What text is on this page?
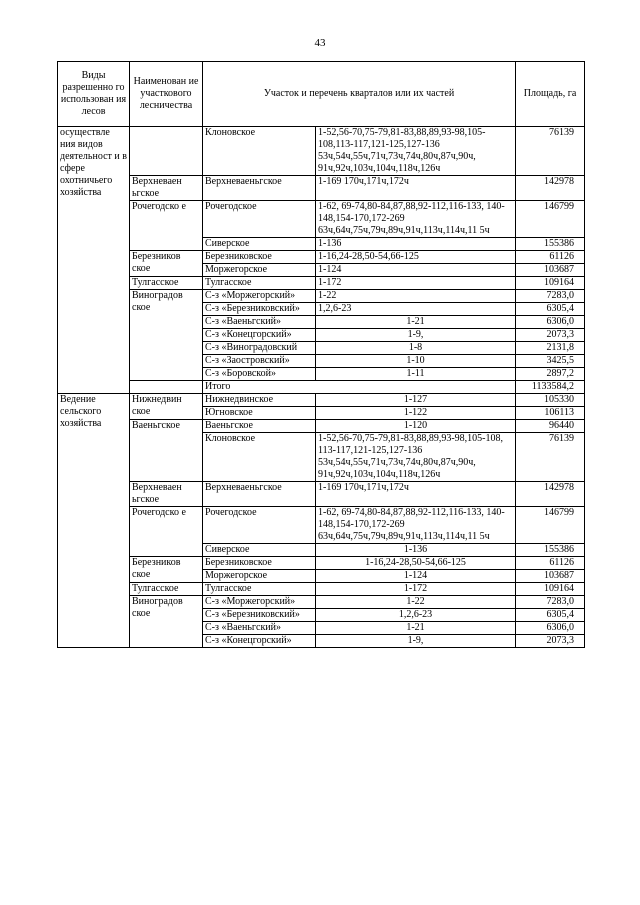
43
Виды разрешенно го использован ия лесов	Наименован ие участкового лесничества	Участок и перечень кварталов или их частей		Площадь, га
осуществле ния видов деятельност и в сфере охотничьего хозяйства		Клоновское	1-52,56-70,75-79,81-83,88,89,93-98,105-108,113-117,121-125,127-136 53ч,54ч,55ч,71ч,73ч,74ч,80ч,87ч,90ч, 91ч,92ч,103ч,104ч,118ч,126ч	76139
	Верхневаен ьгское	Верхневаеньгское	1-169 170ч,171ч,172ч	142978
	Рочегодско е	Рочегодское	1-62, 69-74,80-84,87,88,92-112,116-133, 140-148,154-170,172-269 63ч,64ч,75ч,79ч,89ч,91ч,113ч,114ч,11 5ч	146799
		Сиверское	1-136	155386
	Березников ское	Березниковское	1-16,24-28,50-54,66-125	61126
		Моржегорское	1-124	103687
	Тулгасское	Тулгасское	1-172	109164
	Виноградов ское	С-з «Моржегорский»	1-22	7283,0
		С-з «Березниковский»	1,2,6-23	6305,4
		С-з «Ваеньгский»	1-21	6306,0
		С-з «Конецгорский»	1-9,	2073,3
		С-з «Виноградовский	1-8	2131,8
		С-з «Заостровский»	1-10	3425,5
		С-з «Боровской»	1-11	2897,2
		Итого		1133584,2
Ведение сельского хозяйства	Нижнедвин ское	Нижнедвинское	1-127	105330
		Югновское	1-122	106113
	Ваеньгское	Ваеньгское	1-120	96440
		Клоновское	1-52,56-70,75-79,81-83,88,89,93-98,105-108, 113-117,121-125,127-136 53ч,54ч,55ч,71ч,73ч,74ч,80ч,87ч,90ч, 91ч,92ч,103ч,104ч,118ч,126ч	76139
	Верхневаен ьгское	Верхневаеньгское	1-169 170ч,171ч,172ч	142978
	Рочегодско е	Рочегодское	1-62, 69-74,80-84,87,88,92-112,116-133, 140-148,154-170,172-269 63ч,64ч,75ч,79ч,89ч,91ч,113ч,114ч,11 5ч	146799
		Сиверское	1-136	155386
	Березников ское	Березниковское	1-16,24-28,50-54,66-125	61126
		Моржегорское	1-124	103687
	Тулгасское	Тулгасское	1-172	109164
	Виноградов ское	С-з «Моржегорский»	1-22	7283,0
		С-з «Березниковский»	1,2,6-23	6305,4
		С-з «Ваеньгский»	1-21	6306,0
		С-з «Конецгорский»	1-9,	2073,3
